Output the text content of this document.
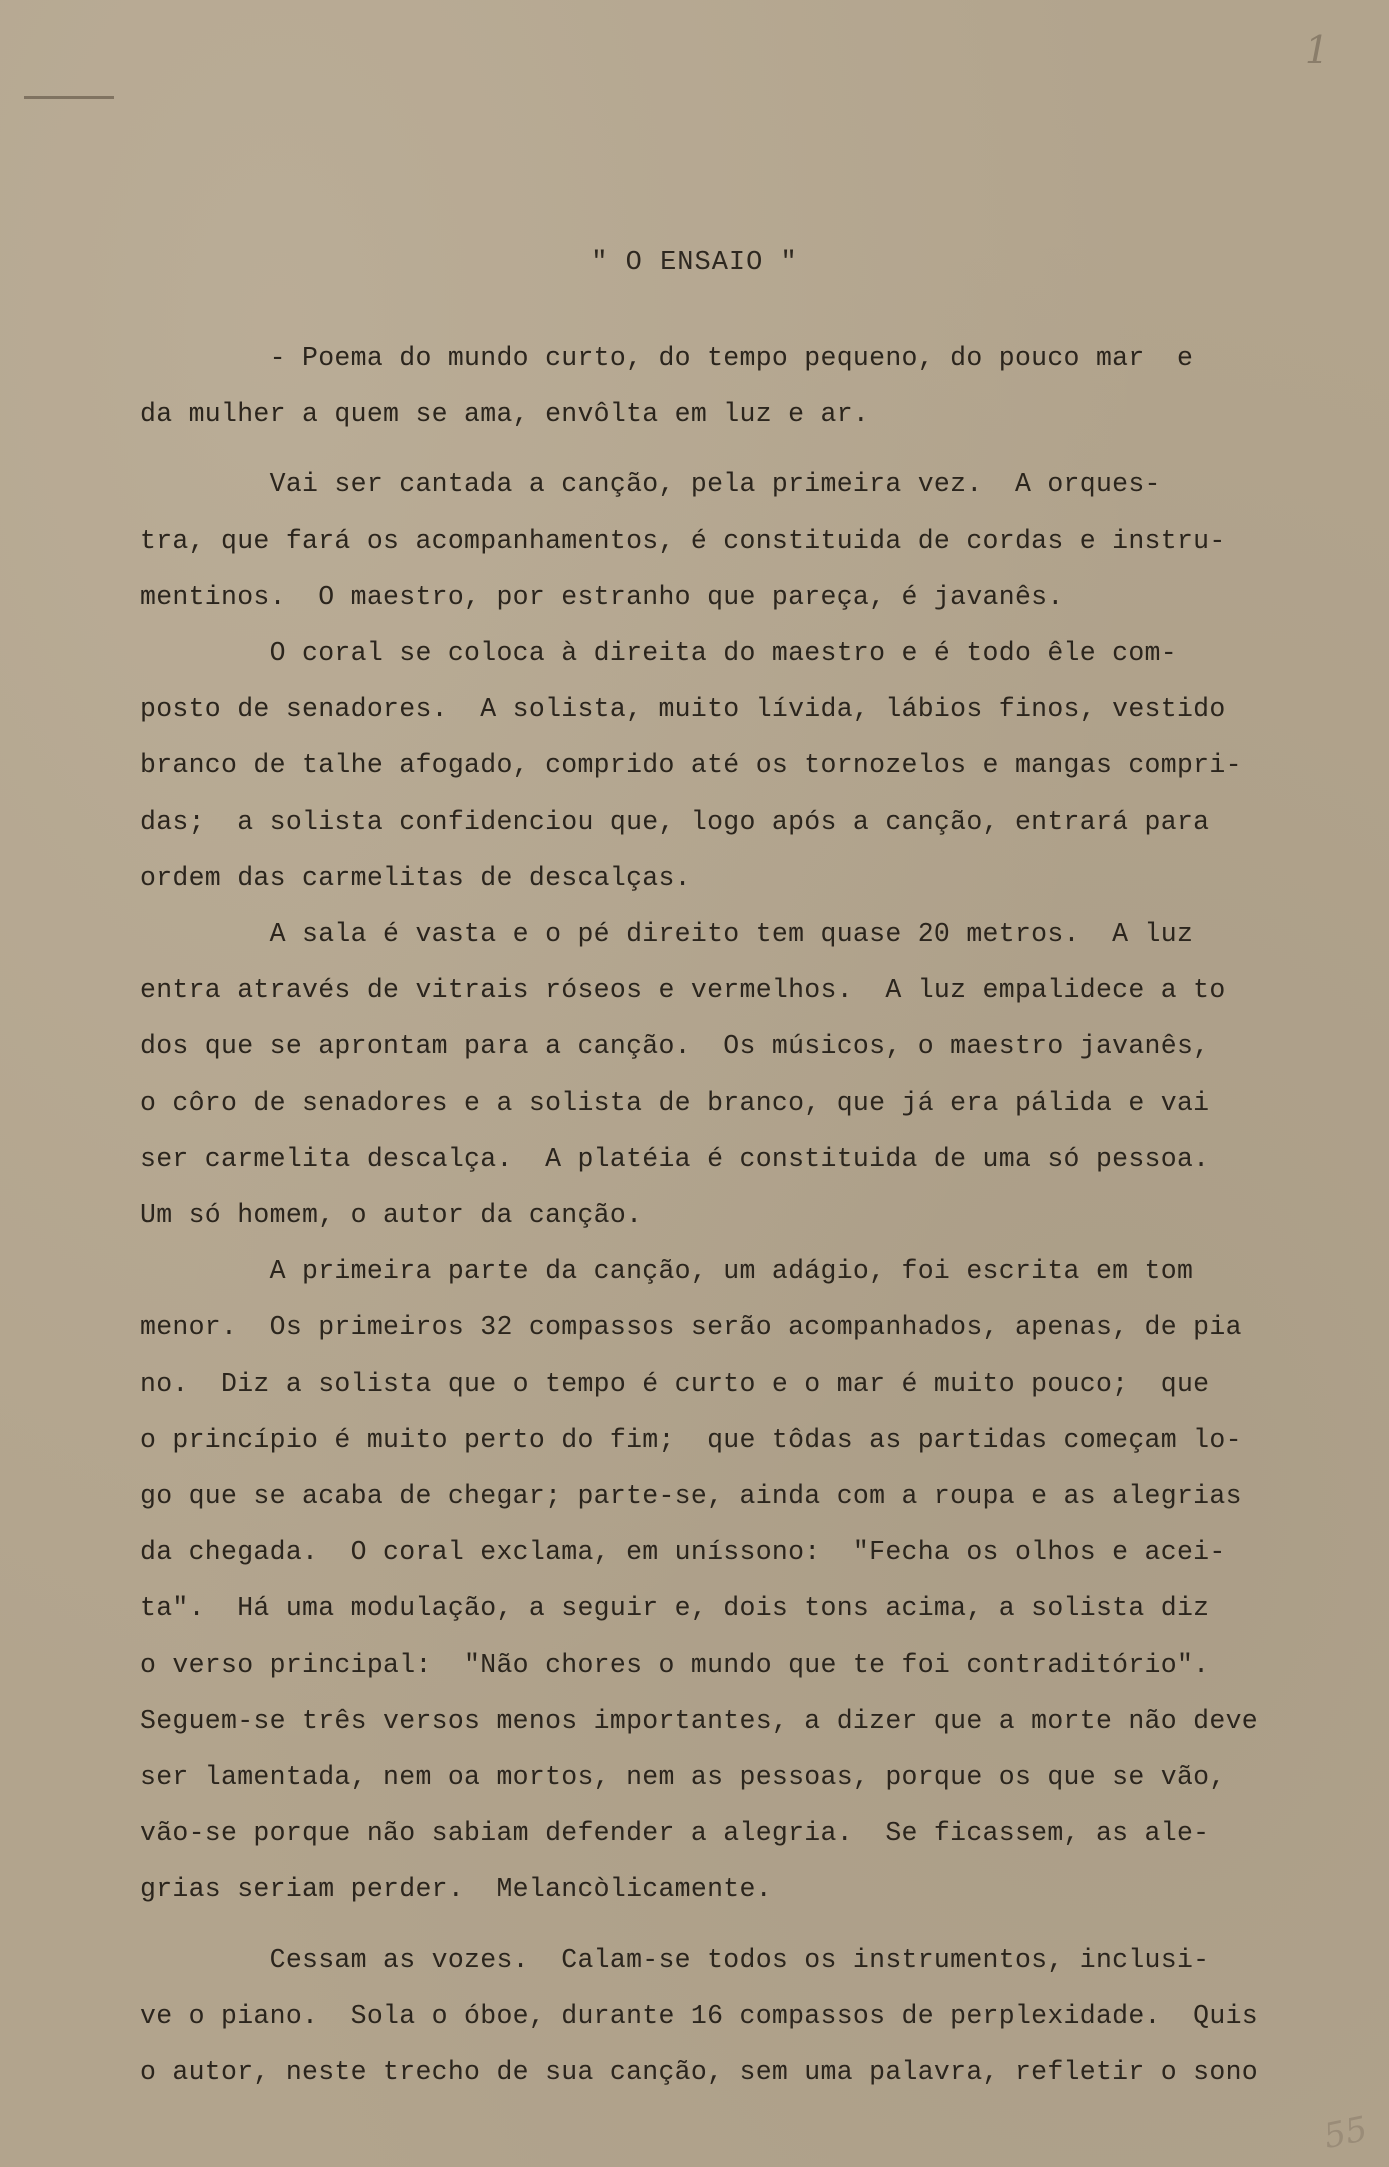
1
" O ENSAIO "

- Poema do mundo curto, do tempo pequeno, do pouco mar  e

da mulher a quem se ama, envôlta em luz e ar.

Vai ser cantada a canção, pela primeira vez.  A orques-

tra, que fará os acompanhamentos, é constituida de cordas e instru-

mentinos.  O maestro, por estranho que pareça, é javanês.

O coral se coloca à direita do maestro e é todo êle com-

posto de senadores.  A solista, muito lívida, lábios finos, vestido

branco de talhe afogado, comprido até os tornozelos e mangas compri-

das;  a solista confidenciou que, logo após a canção, entrará para

ordem das carmelitas de descalças.

A sala é vasta e o pé direito tem quase 20 metros.  A luz

entra através de vitrais róseos e vermelhos.  A luz empalidece a to

dos que se aprontam para a canção.  Os músicos, o maestro javanês,

o côro de senadores e a solista de branco, que já era pálida e vai

ser carmelita descalça.  A platéia é constituida de uma só pessoa.

Um só homem, o autor da canção.

A primeira parte da canção, um adágio, foi escrita em tom

menor.  Os primeiros 32 compassos serão acompanhados, apenas, de pia

no.  Diz a solista que o tempo é curto e o mar é muito pouco;  que

o princípio é muito perto do fim;  que tôdas as partidas começam lo-

go que se acaba de chegar; parte-se, ainda com a roupa e as alegrias

da chegada.  O coral exclama, em uníssono:  "Fecha os olhos e acei-

ta".  Há uma modulação, a seguir e, dois tons acima, a solista diz

o verso principal:  "Não chores o mundo que te foi contraditório".

Seguem-se três versos menos importantes, a dizer que a morte não deve

ser lamentada, nem oa mortos, nem as pessoas, porque os que se vão,

vão-se porque não sabiam defender a alegria.  Se ficassem, as ale-

grias seriam perder.  Melancòlicamente.

Cessam as vozes.  Calam-se todos os instrumentos, inclusi-

ve o piano.  Sola o óboe, durante 16 compassos de perplexidade.  Quis

o autor, neste trecho de sua canção, sem uma palavra, refletir o sono

55
